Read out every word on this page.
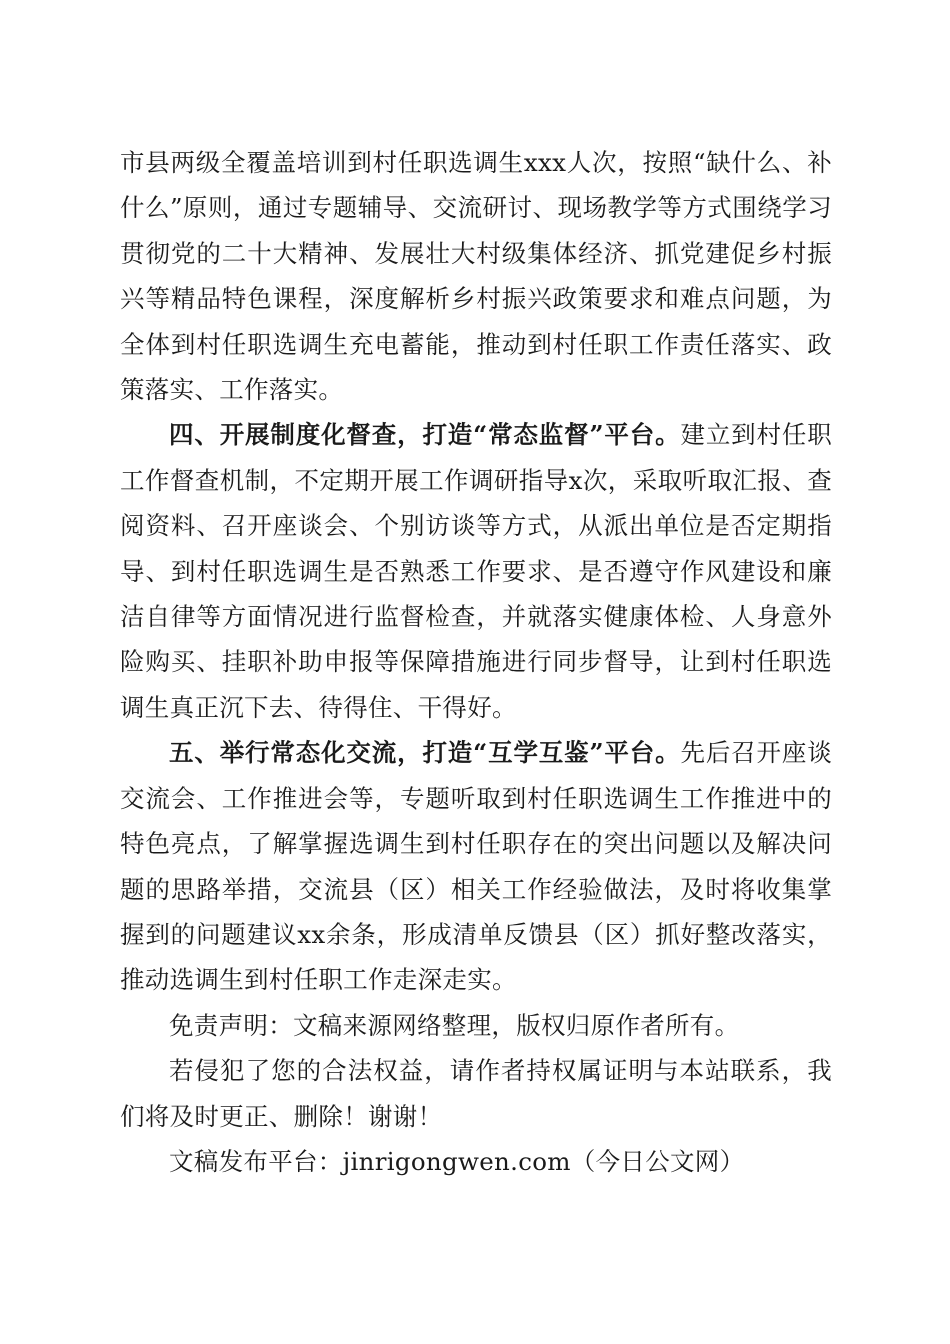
市县两级全覆盖培训到村任职选调生xxx人次，按照“缺什么、补什么”原则，通过专题辅导、交流研讨、现场教学等方式围绕学习贯彻党的二十大精神、发展壮大村级集体经济、抓党建促乡村振兴等精品特色课程，深度解析乡村振兴政策要求和难点问题，为全体到村任职选调生充电蓄能，推动到村任职工作责任落实、政策落实、工作落实。

四、开展制度化督查，打造“常态监督”平台。建立到村任职工作督查机制，不定期开展工作调研指导x次，采取听取汇报、查阅资料、召开座谈会、个别访谈等方式，从派出单位是否定期指导、到村任职选调生是否熟悉工作要求、是否遵守作风建设和廉洁自律等方面情况进行监督检查，并就落实健康体检、人身意外险购买、挂职补助申报等保障措施进行同步督导，让到村任职选调生真正沉下去、待得住、干得好。

五、举行常态化交流，打造“互学互鉴”平台。先后召开座谈交流会、工作推进会等，专题听取到村任职选调生工作推进中的特色亮点，了解掌握选调生到村任职存在的突出问题以及解决问题的思路举措，交流县（区）相关工作经验做法，及时将收集掌握到的问题建议xx余条，形成清单反馈县（区）抓好整改落实，推动选调生到村任职工作走深走实。

免责声明：文稿来源网络整理，版权归原作者所有。

若侵犯了您的合法权益，请作者持权属证明与本站联系，我们将及时更正、删除！谢谢！

文稿发布平台：jinrigongwen.com（今日公文网）
